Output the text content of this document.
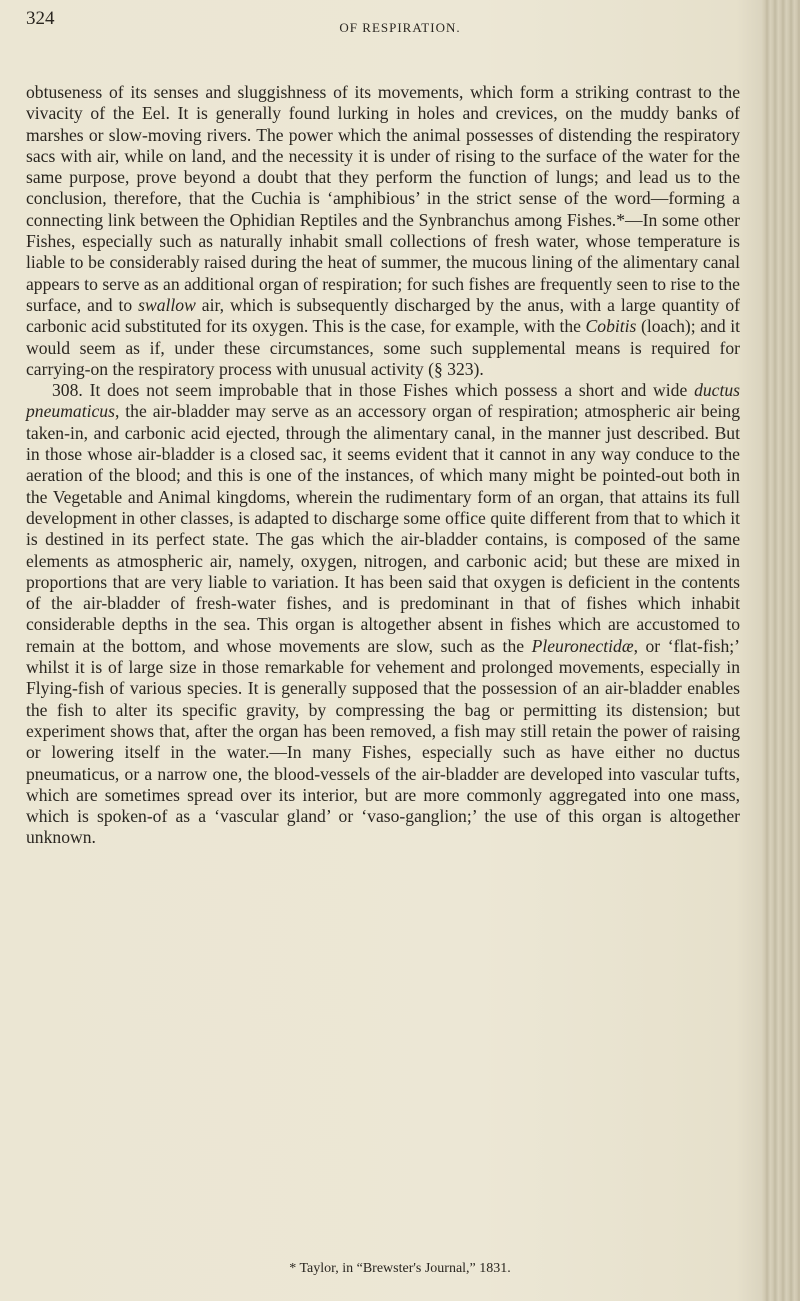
324	OF RESPIRATION.

obtuseness of its senses and sluggishness of its movements, which form a striking contrast to the vivacity of the Eel. It is generally found lurking in holes and crevices, on the muddy banks of marshes or slow-moving rivers. The power which the animal possesses of distending the respiratory sacs with air, while on land, and the necessity it is under of rising to the surface of the water for the same purpose, prove beyond a doubt that they perform the function of lungs; and lead us to the conclusion, therefore, that the Cuchia is ‘amphibious’ in the strict sense of the word—forming a connecting link between the Ophidian Reptiles and the Synbranchus among Fishes.*—In some other Fishes, especially such as naturally inhabit small collections of fresh water, whose temperature is liable to be considerably raised during the heat of summer, the mucous lining of the alimentary canal appears to serve as an additional organ of respiration; for such fishes are frequently seen to rise to the surface, and to swallow air, which is subsequently discharged by the anus, with a large quantity of carbonic acid substituted for its oxygen. This is the case, for example, with the Cobitis (loach); and it would seem as if, under these circumstances, some such supplemental means is required for carrying-on the respiratory process with unusual activity (§ 323).

308. It does not seem improbable that in those Fishes which possess a short and wide ductus pneumaticus, the air-bladder may serve as an accessory organ of respiration; atmospheric air being taken-in, and carbonic acid ejected, through the alimentary canal, in the manner just described. But in those whose air-bladder is a closed sac, it seems evident that it cannot in any way conduce to the aeration of the blood; and this is one of the instances, of which many might be pointed-out both in the Vegetable and Animal kingdoms, wherein the rudimentary form of an organ, that attains its full development in other classes, is adapted to discharge some office quite different from that to which it is destined in its perfect state. The gas which the air-bladder contains, is composed of the same elements as atmospheric air, namely, oxygen, nitrogen, and carbonic acid; but these are mixed in proportions that are very liable to variation. It has been said that oxygen is deficient in the contents of the air-bladder of fresh-water fishes, and is predominant in that of fishes which inhabit considerable depths in the sea. This organ is altogether absent in fishes which are accustomed to remain at the bottom, and whose movements are slow, such as the Pleuronectidæ, or ‘flat-fish;’ whilst it is of large size in those remarkable for vehement and prolonged movements, especially in Flying-fish of various species. It is generally supposed that the possession of an air-bladder enables the fish to alter its specific gravity, by compressing the bag or permitting its distension; but experiment shows that, after the organ has been removed, a fish may still retain the power of raising or lowering itself in the water.—In many Fishes, especially such as have either no ductus pneumaticus, or a narrow one, the blood-vessels of the air-bladder are developed into vascular tufts, which are sometimes spread over its interior, but are more commonly aggregated into one mass, which is spoken-of as a ‘vascular gland’ or ‘vaso-ganglion;’ the use of this organ is altogether unknown.

* Taylor, in “Brewster's Journal,” 1831.
